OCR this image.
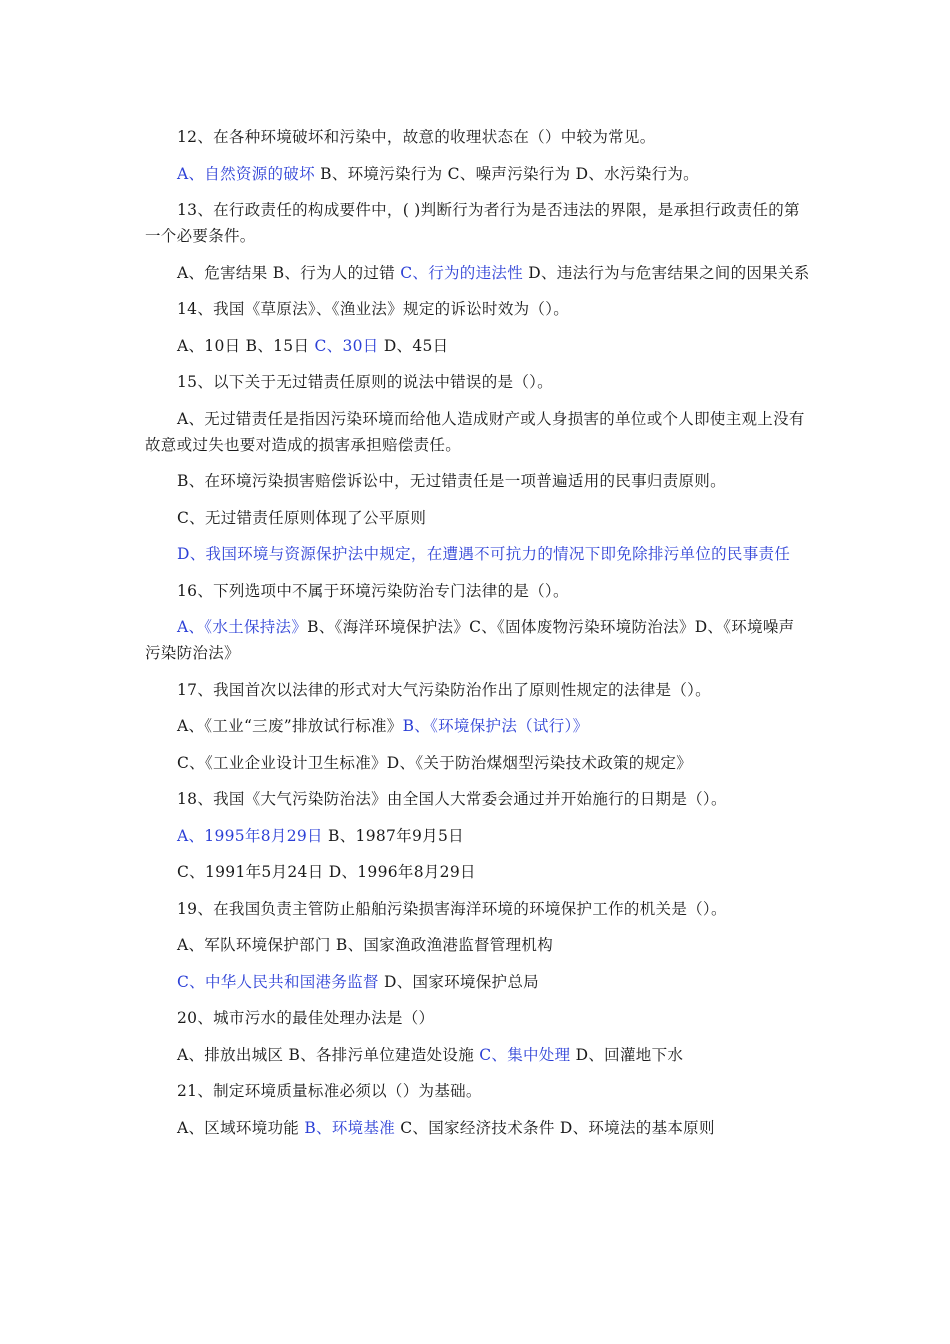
12、在各种环境破坏和污染中，故意的收理状态在（）中较为常见。

A、自然资源的破坏 B、环境污染行为 C、噪声污染行为 D、水污染行为。

13、在行政责任的构成要件中，( )判断行为者行为是否违法的界限，是承担行政责任的第一个必要条件。

A、危害结果 B、行为人的过错 C、行为的违法性 D、违法行为与危害结果之间的因果关系

14、我国《草原法》、《渔业法》规定的诉讼时效为（）。

A、10日 B、15日 C、30日 D、45日

15、以下关于无过错责任原则的说法中错误的是（）。

A、无过错责任是指因污染环境而给他人造成财产或人身损害的单位或个人即使主观上没有故意或过失也要对造成的损害承担赔偿责任。

B、在环境污染损害赔偿诉讼中，无过错责任是一项普遍适用的民事归责原则。

C、无过错责任原则体现了公平原则

D、我国环境与资源保护法中规定，在遭遇不可抗力的情况下即免除排污单位的民事责任

16、下列选项中不属于环境污染防治专门法律的是（）。

A、《水土保持法》B、《海洋环境保护法》C、《固体废物污染环境防治法》D、《环境噪声污染防治法》

17、我国首次以法律的形式对大气污染防治作出了原则性规定的法律是（）。

A、《工业“三废”排放试行标准》B、《环境保护法（试行）》

C、《工业企业设计卫生标准》D、《关于防治煤烟型污染技术政策的规定》

18、我国《大气污染防治法》由全国人大常委会通过并开始施行的日期是（）。

A、1995年8月29日 B、1987年9月5日

C、1991年5月24日 D、1996年8月29日

19、在我国负责主管防止船舶污染损害海洋环境的环境保护工作的机关是（）。

A、军队环境保护部门 B、国家渔政渔港监督管理机构

C、中华人民共和国港务监督 D、国家环境保护总局

20、城市污水的最佳处理办法是（）

A、排放出城区 B、各排污单位建造处设施 C、集中处理 D、回灌地下水

21、制定环境质量标准必须以（）为基础。

A、区域环境功能 B、环境基准 C、国家经济技术条件 D、环境法的基本原则
